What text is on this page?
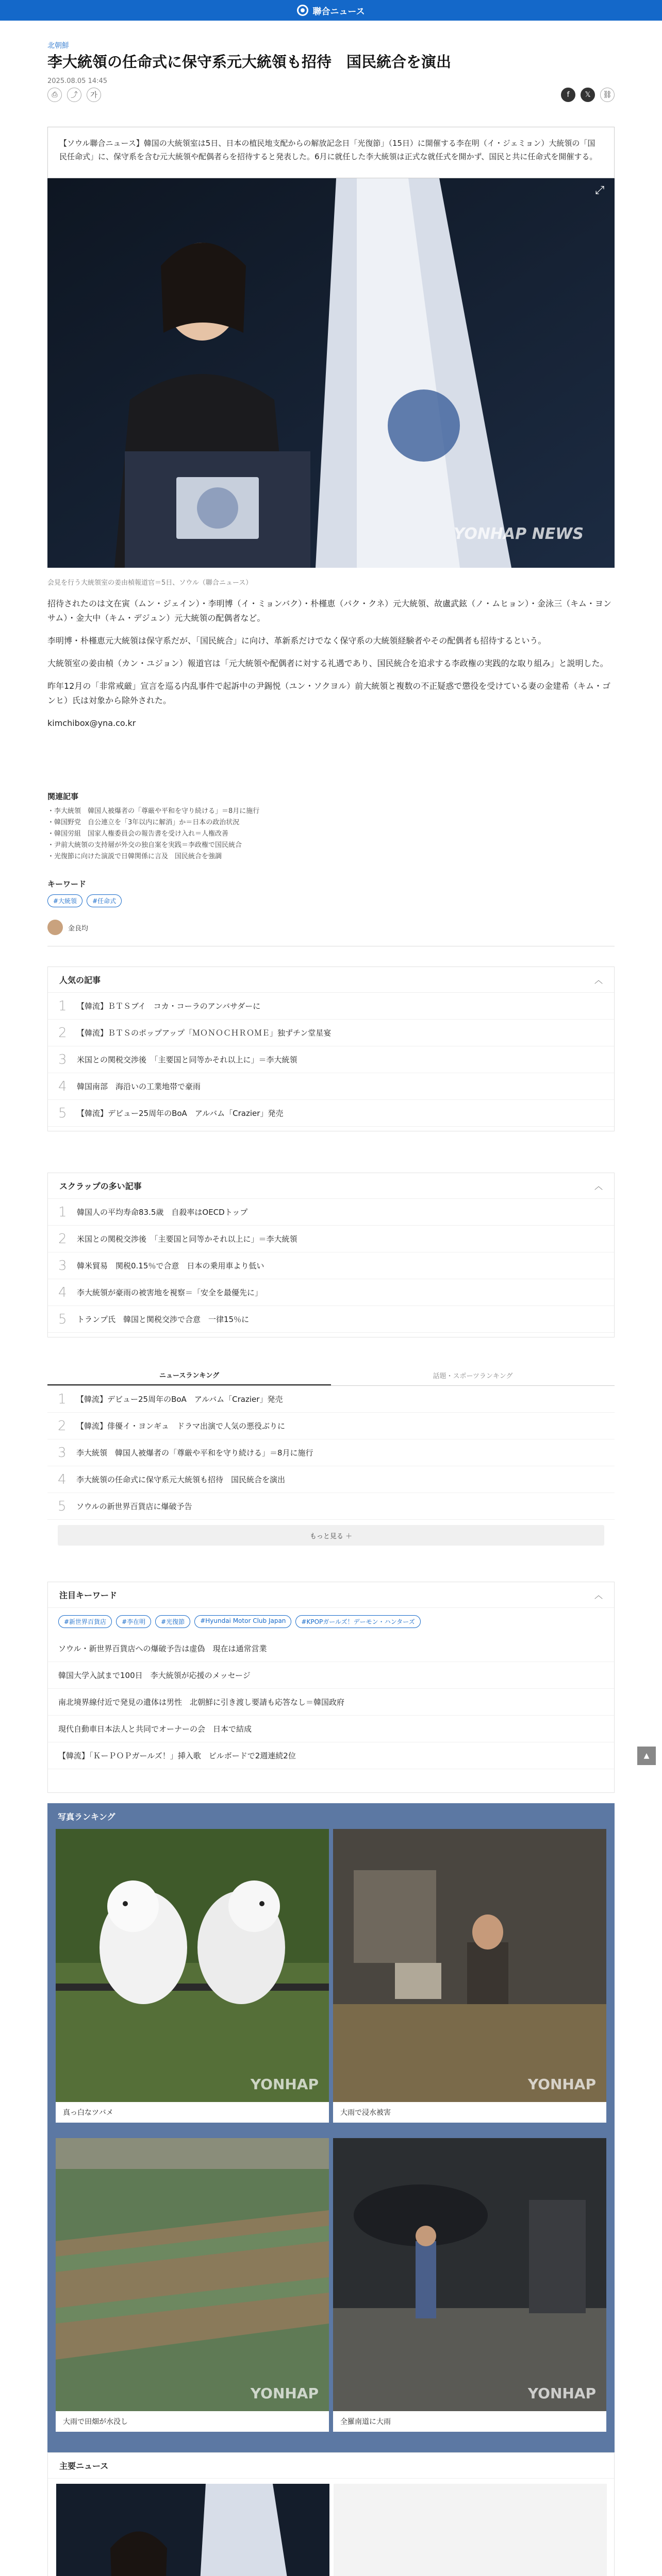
聯合ニュース
北朝鮮
李大統領の任命式に保守系元大統領も招待　国民統合を演出
2025.08.05 14:45
⎙	⤴	가	f	𝕏	⛓
【ソウル聯合ニュース】韓国の大統領室は5日、日本の植民地支配からの解放記念日「光復節」（15日）に開催する李在明（イ・ジェミョン）大統領の「国民任命式」に、保守系を含む元大統領や配偶者らを招待すると発表した。6月に就任した李大統領は正式な就任式を開かず、国民と共に任命式を開催する。
⤢
YONHAP NEWS
会見を行う大統領室の姜由楨報道官＝5日、ソウル（聯合ニュース）

招待されたのは文在寅（ムン・ジェイン）・李明博（イ・ミョンバク）・朴槿恵（パク・クネ）元大統領、故盧武鉉（ノ・ムヒョン）・金泳三（キム・ヨンサム）・金大中（キム・デジュン）元大統領の配偶者など。

李明博・朴槿恵元大統領は保守系だが、「国民統合」に向け、革新系だけでなく保守系の大統領経験者やその配偶者も招待するという。

大統領室の姜由楨（カン・ユジョン）報道官は「元大統領や配偶者に対する礼遇であり、国民統合を追求する李政権の実践的な取り組み」と説明した。

昨年12月の「非常戒厳」宣言を巡る内乱事件で起訴中の尹錫悦（ユン・ソクヨル）前大統領と複数の不正疑惑で懲役を受けている妻の金建希（キム・ゴンヒ）氏は対象から除外された。

kimchibox@yna.co.kr

関連記事
・李大統領　韓国人被爆者の「尊厳や平和を守り続ける」＝8月に施行
・韓国野党　自公連立を「3年以内に解消」か＝日本の政治状況
・韓国労組　国家人権委員会の報告書を受け入れ＝人権改善
・尹前大統領の支持層が外交の独自案を実践＝李政権で国民統合
・光復節に向けた演説で日韓関係に言及　国民統合を強調
キーワード
#大統領	#任命式
金良均
人気の記事	︿
1	【韓流】ＢＴＳブイ　コカ・コーラのアンバサダーに
2	【韓流】ＢＴＳのポップアップ「ＭＯＮＯＣＨＲＯＭＥ」独ずチン堂星宴
3	米国との関税交渉後　「主要国と同等かそれ以上に」＝李大統領
4	韓国南部　海沿いの工業地帯で豪雨
5	【韓流】デビュー25周年のBoA　アルバム「Crazier」発売
スクラップの多い記事	︿
1	韓国人の平均寿命83.5歳　自殺率はOECDトップ
2	米国との関税交渉後　「主要国と同等かそれ以上に」＝李大統領
3	韓米貿易　関税0.15％で合意　日本の乗用車より低い
4	李大統領が豪雨の被害地を視察＝「安全を最優先に」
5	トランプ氏　韓国と関税交渉で合意　一律15％に
ニュースランキング	話題・スポーツランキング
1	【韓流】デビュー25周年のBoA　アルバム「Crazier」発売
2	【韓流】俳優イ・ヨンギュ　ドラマ出演で人気の悪役ぶりに
3	李大統領　韓国人被爆者の「尊厳や平和を守り続ける」＝8月に施行
4	李大統領の任命式に保守系元大統領も招待　国民統合を演出
5	ソウルの新世界百貨店に爆破予告
もっと見る ＋
注目キーワード	︿
#新世界百貨店	#李在明	#光復節	#Hyundai Motor Club Japan	#KPOPガールズ！デーモン・ハンターズ
ソウル・新世界百貨店への爆破予告は虚偽　現在は通常営業
韓国大学入試まで100日　李大統領が応援のメッセージ
南北境界線付近で発見の遺体は男性　北朝鮮に引き渡し要請も応答なし＝韓国政府
現代自動車日本法人と共同でオーナーの会　日本で結成
【韓流】「ＫーＰＯＰガールズ！」挿入歌　ビルボードで2週連続2位	▲
写真ランキング
YONHAP
真っ白なツバメ
YONHAP
大雨で浸水被害
YONHAP
大雨で田畑が水没し
YONHAP
全羅南道に大雨
主要ニュース
